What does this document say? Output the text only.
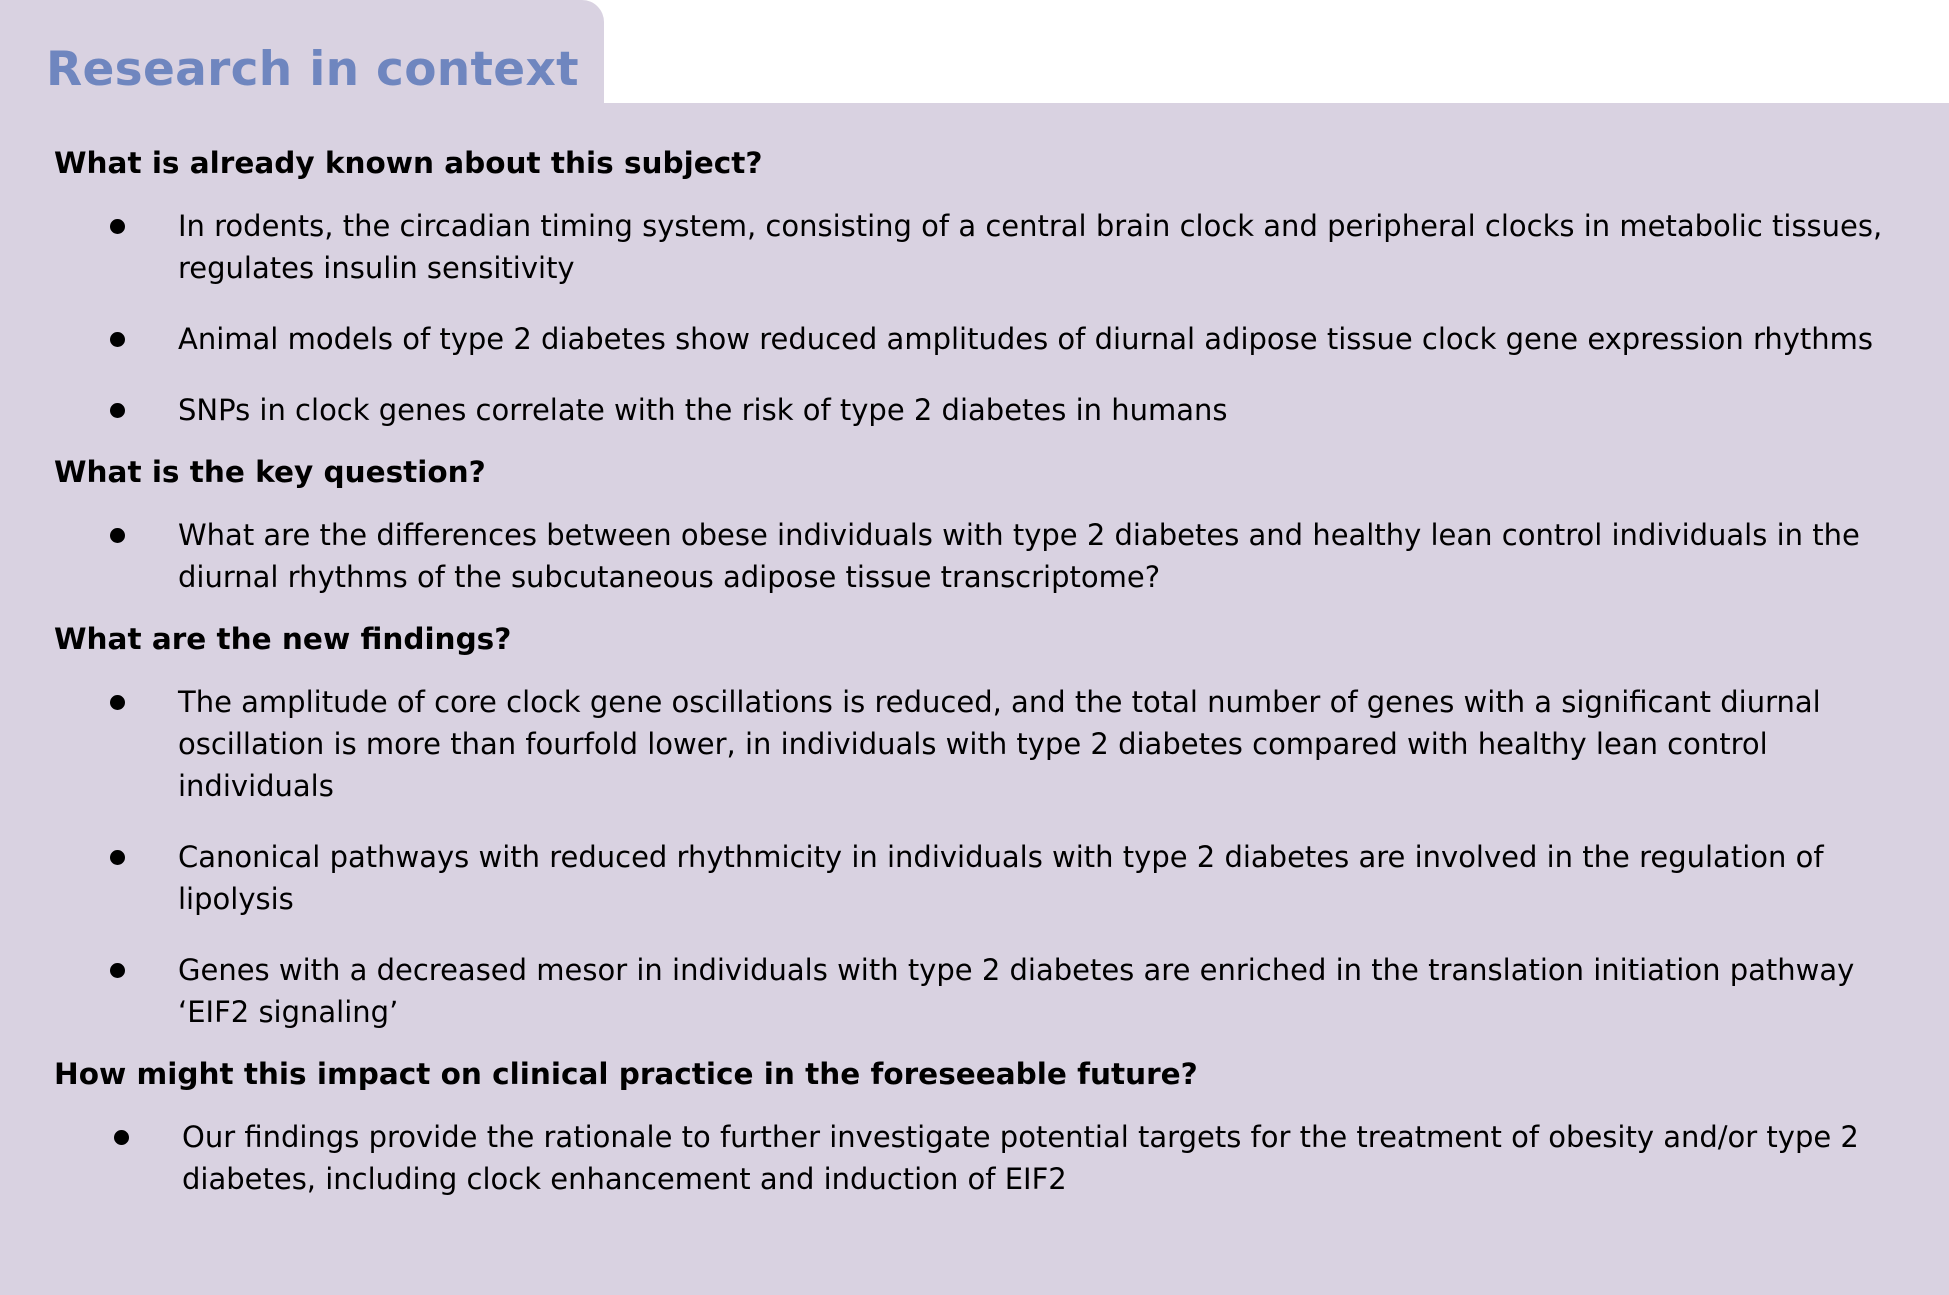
Research in context
What is already known about this subject?
In rodents, the circadian timing system, consisting of a central brain clock and peripheral clocks in metabolic tissues, regulates insulin sensitivity
Animal models of type 2 diabetes show reduced amplitudes of diurnal adipose tissue clock gene expression rhythms
SNPs in clock genes correlate with the risk of type 2 diabetes in humans
What is the key question?
What are the differences between obese individuals with type 2 diabetes and healthy lean control individuals in the diurnal rhythms of the subcutaneous adipose tissue transcriptome?
What are the new findings?
The amplitude of core clock gene oscillations is reduced, and the total number of genes with a significant diurnal oscillation is more than fourfold lower, in individuals with type 2 diabetes compared with healthy lean control individuals
Canonical pathways with reduced rhythmicity in individuals with type 2 diabetes are involved in the regulation of lipolysis
Genes with a decreased mesor in individuals with type 2 diabetes are enriched in the translation initiation pathway ‘EIF2 signaling’
How might this impact on clinical practice in the foreseeable future?
Our findings provide the rationale to further investigate potential targets for the treatment of obesity and/or type 2 diabetes, including clock enhancement and induction of EIF2
